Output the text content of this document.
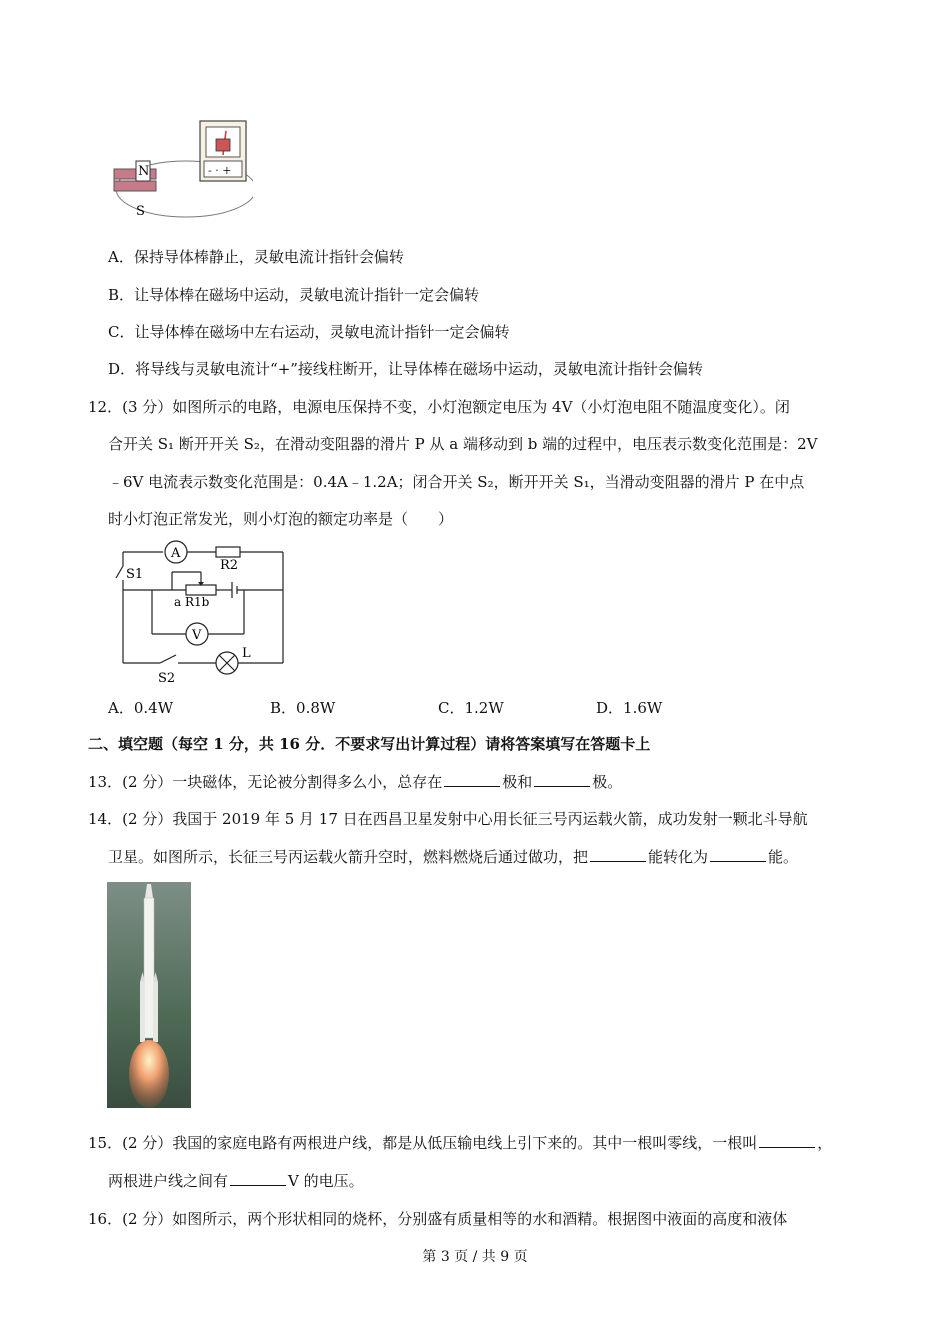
- · +
N
S
A．保持导体棒静止，灵敏电流计指针会偏转
B．让导体棒在磁场中运动，灵敏电流计指针一定会偏转
C．让导体棒在磁场中左右运动，灵敏电流计指针一定会偏转
D．将导线与灵敏电流计“+”接线柱断开，让导体棒在磁场中运动，灵敏电流计指针会偏转
12．(3 分）如图所示的电路，电源电压保持不变，小灯泡额定电压为 4V（小灯泡电阻不随温度变化）。闭
合开关 S₁ 断开开关 S₂，在滑动变阻器的滑片 P 从 a 端移动到 b 端的过程中，电压表示数变化范围是：2V
﹣6V 电流表示数变化范围是：0.4A﹣1.2A；闭合开关 S₂，断开开关 S₁，当滑动变阻器的滑片 P 在中点
时小灯泡正常发光，则小灯泡的额定功率是（　　）
A
R2
S1
a R1b
V
S2
L
A．0.4W	B．0.8W	C．1.2W	D．1.6W
二、填空题（每空 1 分，共 16 分．不要求写出计算过程）请将答案填写在答题卡上
13．(2 分）一块磁体，无论被分割得多么小，总存在	极和	极。
14．(2 分）我国于 2019 年 5 月 17 日在西昌卫星发射中心用长征三号丙运载火箭，成功发射一颗北斗导航
卫星。如图所示，长征三号丙运载火箭升空时，燃料燃烧后通过做功，把	能转化为	能。
15．(2 分）我国的家庭电路有两根进户线，都是从低压输电线上引下来的。其中一根叫零线，一根叫	，
两根进户线之间有	V 的电压。
16．(2 分）如图所示，两个形状相同的烧杯，分别盛有质量相等的水和酒精。根据图中液面的高度和液体
第 3 页 / 共 9 页
